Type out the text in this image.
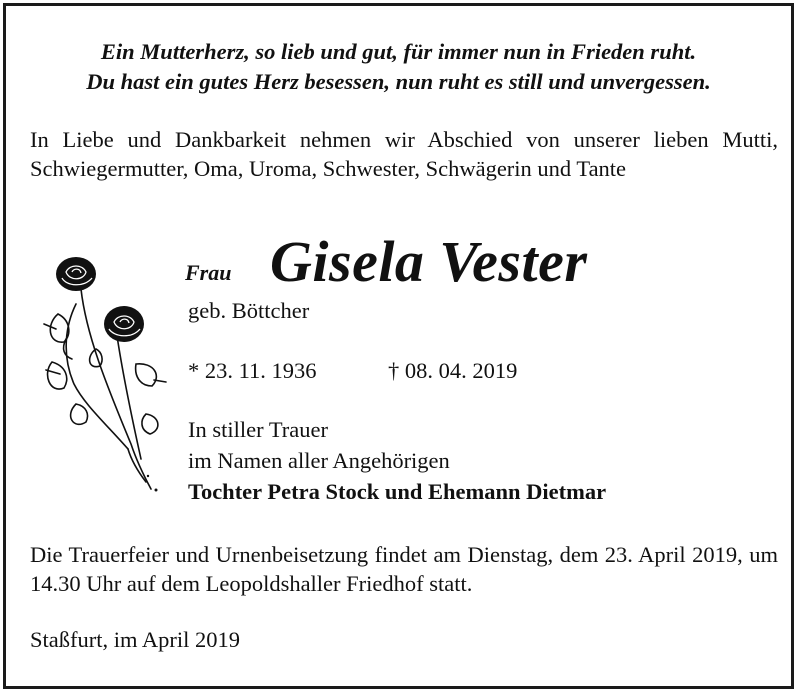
Ein Mutterherz, so lieb und gut, für immer nun in Frieden ruht.
Du hast ein gutes Herz besessen, nun ruht es still und unvergessen.
In Liebe und Dankbarkeit nehmen wir Abschied von unserer lieben Mutti, Schwiegermutter, Oma, Uroma, Schwester, Schwägerin und Tante
Frau Gisela Vester
geb. Böttcher
* 23. 11. 1936	† 08. 04. 2019
In stiller Trauer
im Namen aller Angehörigen
Tochter Petra Stock und Ehemann Dietmar
Die Trauerfeier und Urnenbeisetzung findet am Dienstag, dem 23. April 2019, um 14.30 Uhr auf dem Leopoldshaller Friedhof statt.
Staßfurt, im April 2019
